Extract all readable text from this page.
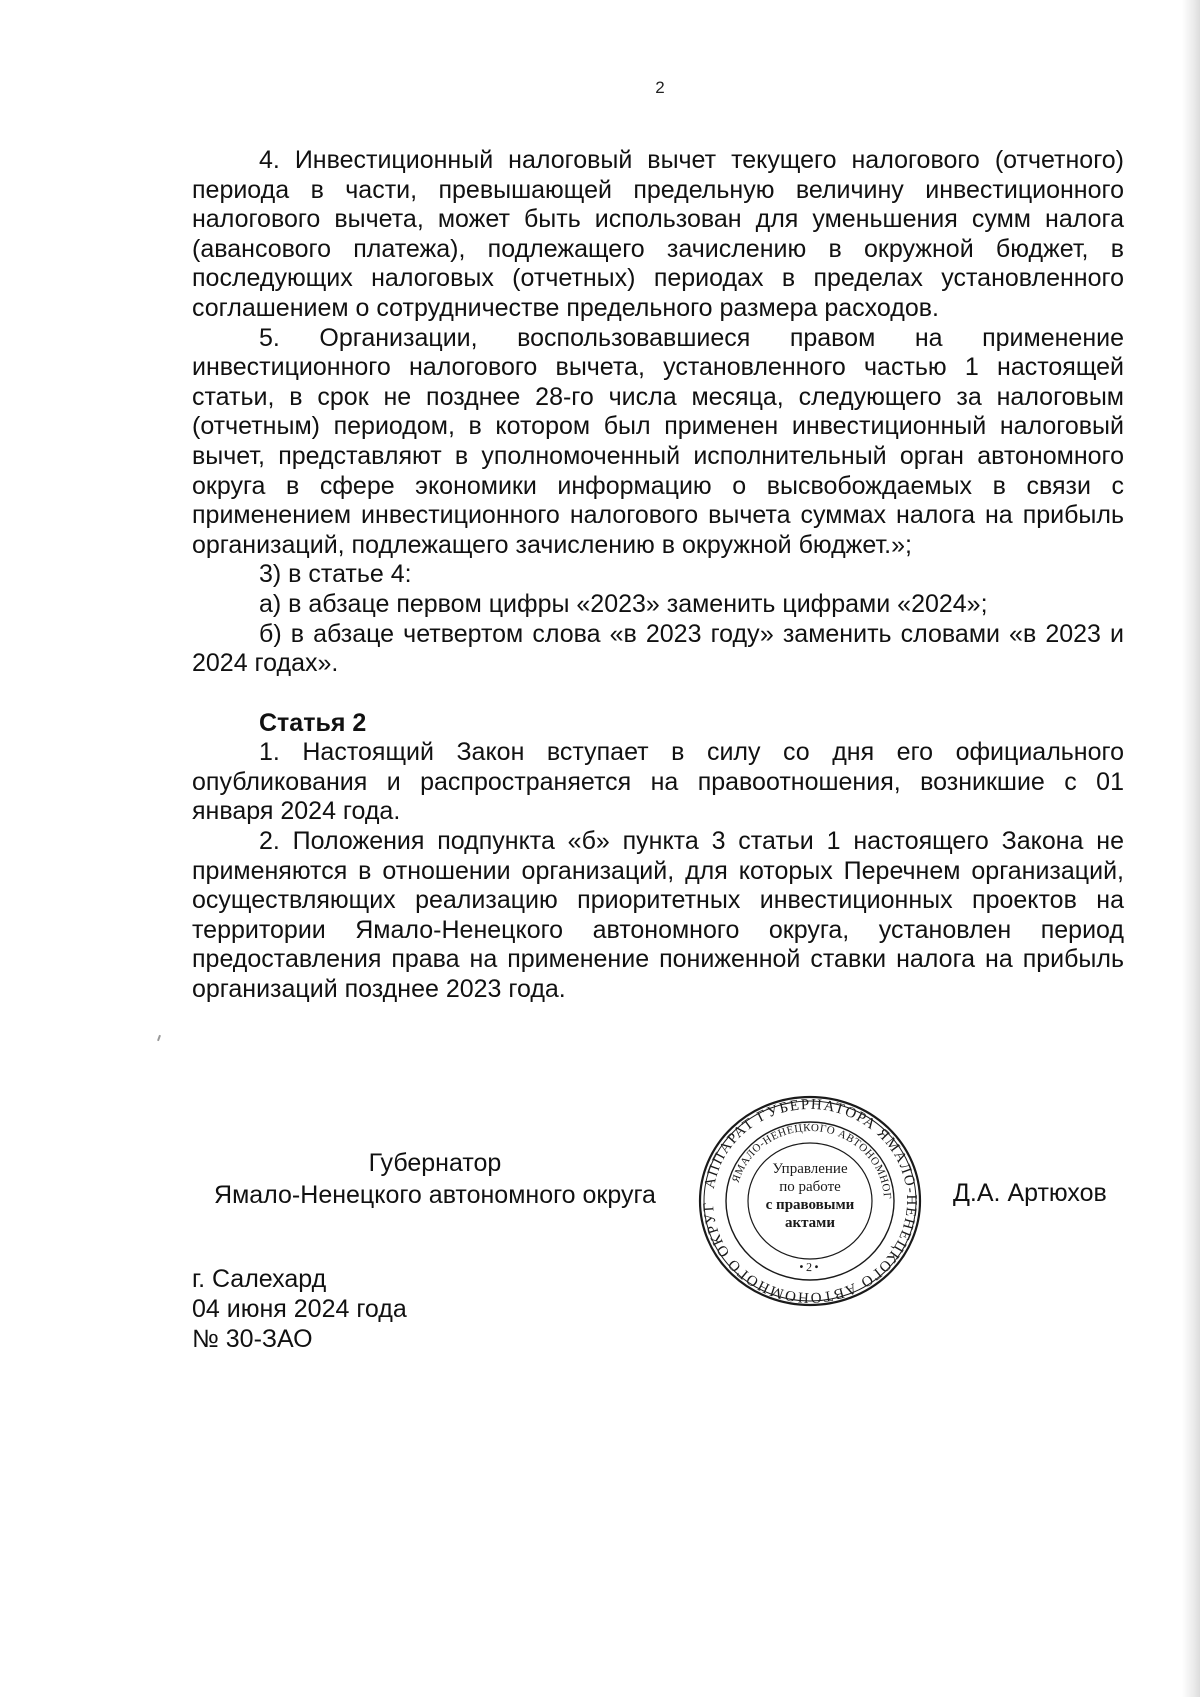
2

4. Инвестиционный налоговый вычет текущего налогового (отчетного) периода в части, превышающей предельную величину инвестиционного налогового вычета, может быть использован для уменьшения сумм налога (авансового платежа), подлежащего зачислению в окружной бюджет, в последующих налоговых (отчетных) периодах в пределах установленного соглашением о сотрудничестве предельного размера расходов.

5. Организации, воспользовавшиеся правом на применение инвестиционного налогового вычета, установленного частью 1 настоящей статьи, в срок не позднее 28-го числа месяца, следующего за налоговым (отчетным) периодом, в котором был применен инвестиционный налоговый вычет, представляют в уполномоченный исполнительный орган автономного округа в сфере экономики информацию о высвобождаемых в связи с применением инвестиционного налогового вычета суммах налога на прибыль организаций, подлежащего зачислению в окружной бюджет.»;

3) в статье 4:

а) в абзаце первом цифры «2023» заменить цифрами «2024»;

б) в абзаце четвертом слова «в 2023 году» заменить словами «в 2023 и 2024 годах».

Статья 2

1. Настоящий Закон вступает в силу со дня его официального опубликования и распространяется на правоотношения, возникшие с 01 января 2024 года.

2. Положения подпункта «б» пункта 3 статьи 1 настоящего Закона не применяются в отношении организаций, для которых Перечнем организаций, осуществляющих реализацию приоритетных инвестиционных проектов на территории Ямало-Ненецкого автономного округа, установлен период предоставления права на применение пониженной ставки налога на прибыль организаций позднее 2023 года.

Губернатор
Ямало-Ненецкого автономного округа	АППАРАТ ГУБЕРНАТОРА ЯМАЛО-НЕНЕЦКОГО АВТОНОМНОГО ОКРУГ
ЯМАЛО-НЕНЕЦКОГО АВТОНОМНОГ
• 2 •
Управление
по работе
с правовыми
актами
Д.А. Артюхов
г. Салехард
04 июня 2024 года
№ 30-ЗАО
